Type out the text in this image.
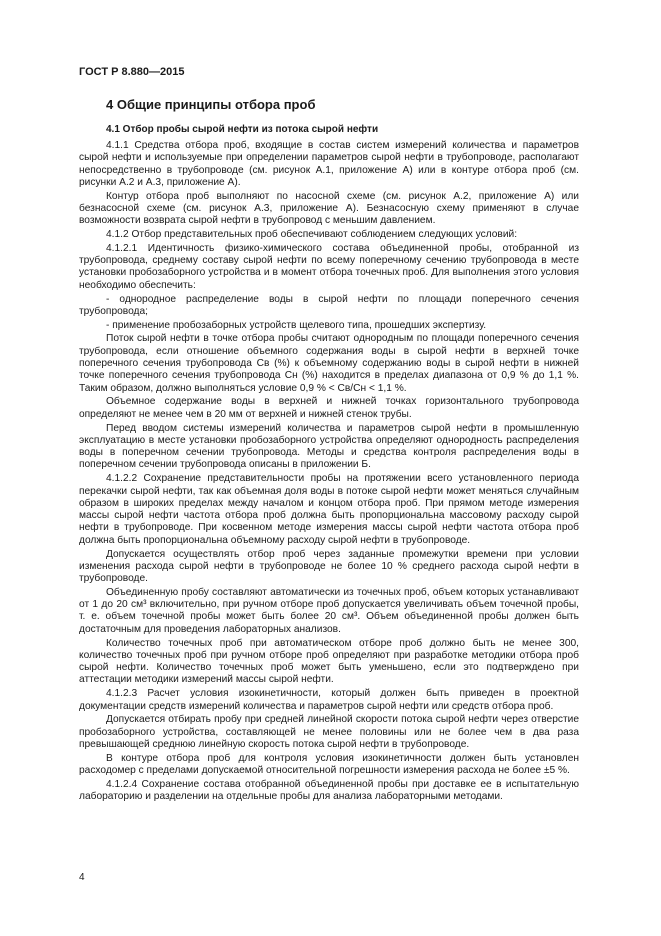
ГОСТ Р 8.880—2015
4 Общие принципы отбора проб
4.1 Отбор пробы сырой нефти из потока сырой нефти

4.1.1 Средства отбора проб, входящие в состав систем измерений количества и параметров сырой нефти и используемые при определении параметров сырой нефти в трубопроводе, располагают непосредственно в трубопроводе (см. рисунок А.1, приложение А) или в контуре отбора проб (см. рисунки А.2 и А.3, приложение А).

Контур отбора проб выполняют по насосной схеме (см. рисунок А.2, приложение А) или безнасосной схеме (см. рисунок А.3, приложение А). Безнасосную схему применяют в случае возможности возврата сырой нефти в трубопровод с меньшим давлением.

4.1.2 Отбор представительных проб обеспечивают соблюдением следующих условий:

4.1.2.1 Идентичность физико-химического состава объединенной пробы, отобранной из трубопровода, среднему составу сырой нефти по всему поперечному сечению трубопровода в месте установки пробозаборного устройства и в момент отбора точечных проб. Для выполнения этого условия необходимо обеспечить:

- однородное распределение воды в сырой нефти по площади поперечного сечения трубопровода;

- применение пробозаборных устройств щелевого типа, прошедших экспертизу.

Поток сырой нефти в точке отбора пробы считают однородным по площади поперечного сечения трубопровода, если отношение объемного содержания воды в сырой нефти в верхней точке поперечного сечения трубопровода Cв (%) к объемному содержанию воды в сырой нефти в нижней точке поперечного сечения трубопровода Cн (%) находится в пределах диапазона от 0,9 % до 1,1 %. Таким образом, должно выполняться условие 0,9 % < Cв/Cн < 1,1 %.

Объемное содержание воды в верхней и нижней точках горизонтального трубопровода определяют не менее чем в 20 мм от верхней и нижней стенок трубы.

Перед вводом системы измерений количества и параметров сырой нефти в промышленную эксплуатацию в месте установки пробозаборного устройства определяют однородность распределения воды в поперечном сечении трубопровода. Методы и средства контроля распределения воды в поперечном сечении трубопровода описаны в приложении Б.

4.1.2.2 Сохранение представительности пробы на протяжении всего установленного периода перекачки сырой нефти, так как объемная доля воды в потоке сырой нефти может меняться случайным образом в широких пределах между началом и концом отбора проб. При прямом методе измерения массы сырой нефти частота отбора проб должна быть пропорциональна массовому расходу сырой нефти в трубопроводе. При косвенном методе измерения массы сырой нефти частота отбора проб должна быть пропорциональна объемному расходу сырой нефти в трубопроводе.

Допускается осуществлять отбор проб через заданные промежутки времени при условии изменения расхода сырой нефти в трубопроводе не более 10 % среднего расхода сырой нефти в трубопроводе.

Объединенную пробу составляют автоматически из точечных проб, объем которых устанавливают от 1 до 20 см³ включительно, при ручном отборе проб допускается увеличивать объем точечной пробы, т. е. объем точечной пробы может быть более 20 см³. Объем объединенной пробы должен быть достаточным для проведения лабораторных анализов.

Количество точечных проб при автоматическом отборе проб должно быть не менее 300, количество точечных проб при ручном отборе проб определяют при разработке методики отбора проб сырой нефти. Количество точечных проб может быть уменьшено, если это подтверждено при аттестации методики измерений массы сырой нефти.

4.1.2.3 Расчет условия изокинетичности, который должен быть приведен в проектной документации средств измерений количества и параметров сырой нефти или средств отбора проб.

Допускается отбирать пробу при средней линейной скорости потока сырой нефти через отверстие пробозаборного устройства, составляющей не менее половины или не более чем в два раза превышающей среднюю линейную скорость потока сырой нефти в трубопроводе.

В контуре отбора проб для контроля условия изокинетичности должен быть установлен расходомер с пределами допускаемой относительной погрешности измерения расхода не более ±5 %.

4.1.2.4 Сохранение состава отобранной объединенной пробы при доставке ее в испытательную лабораторию и разделении на отдельные пробы для анализа лабораторными методами.

4
